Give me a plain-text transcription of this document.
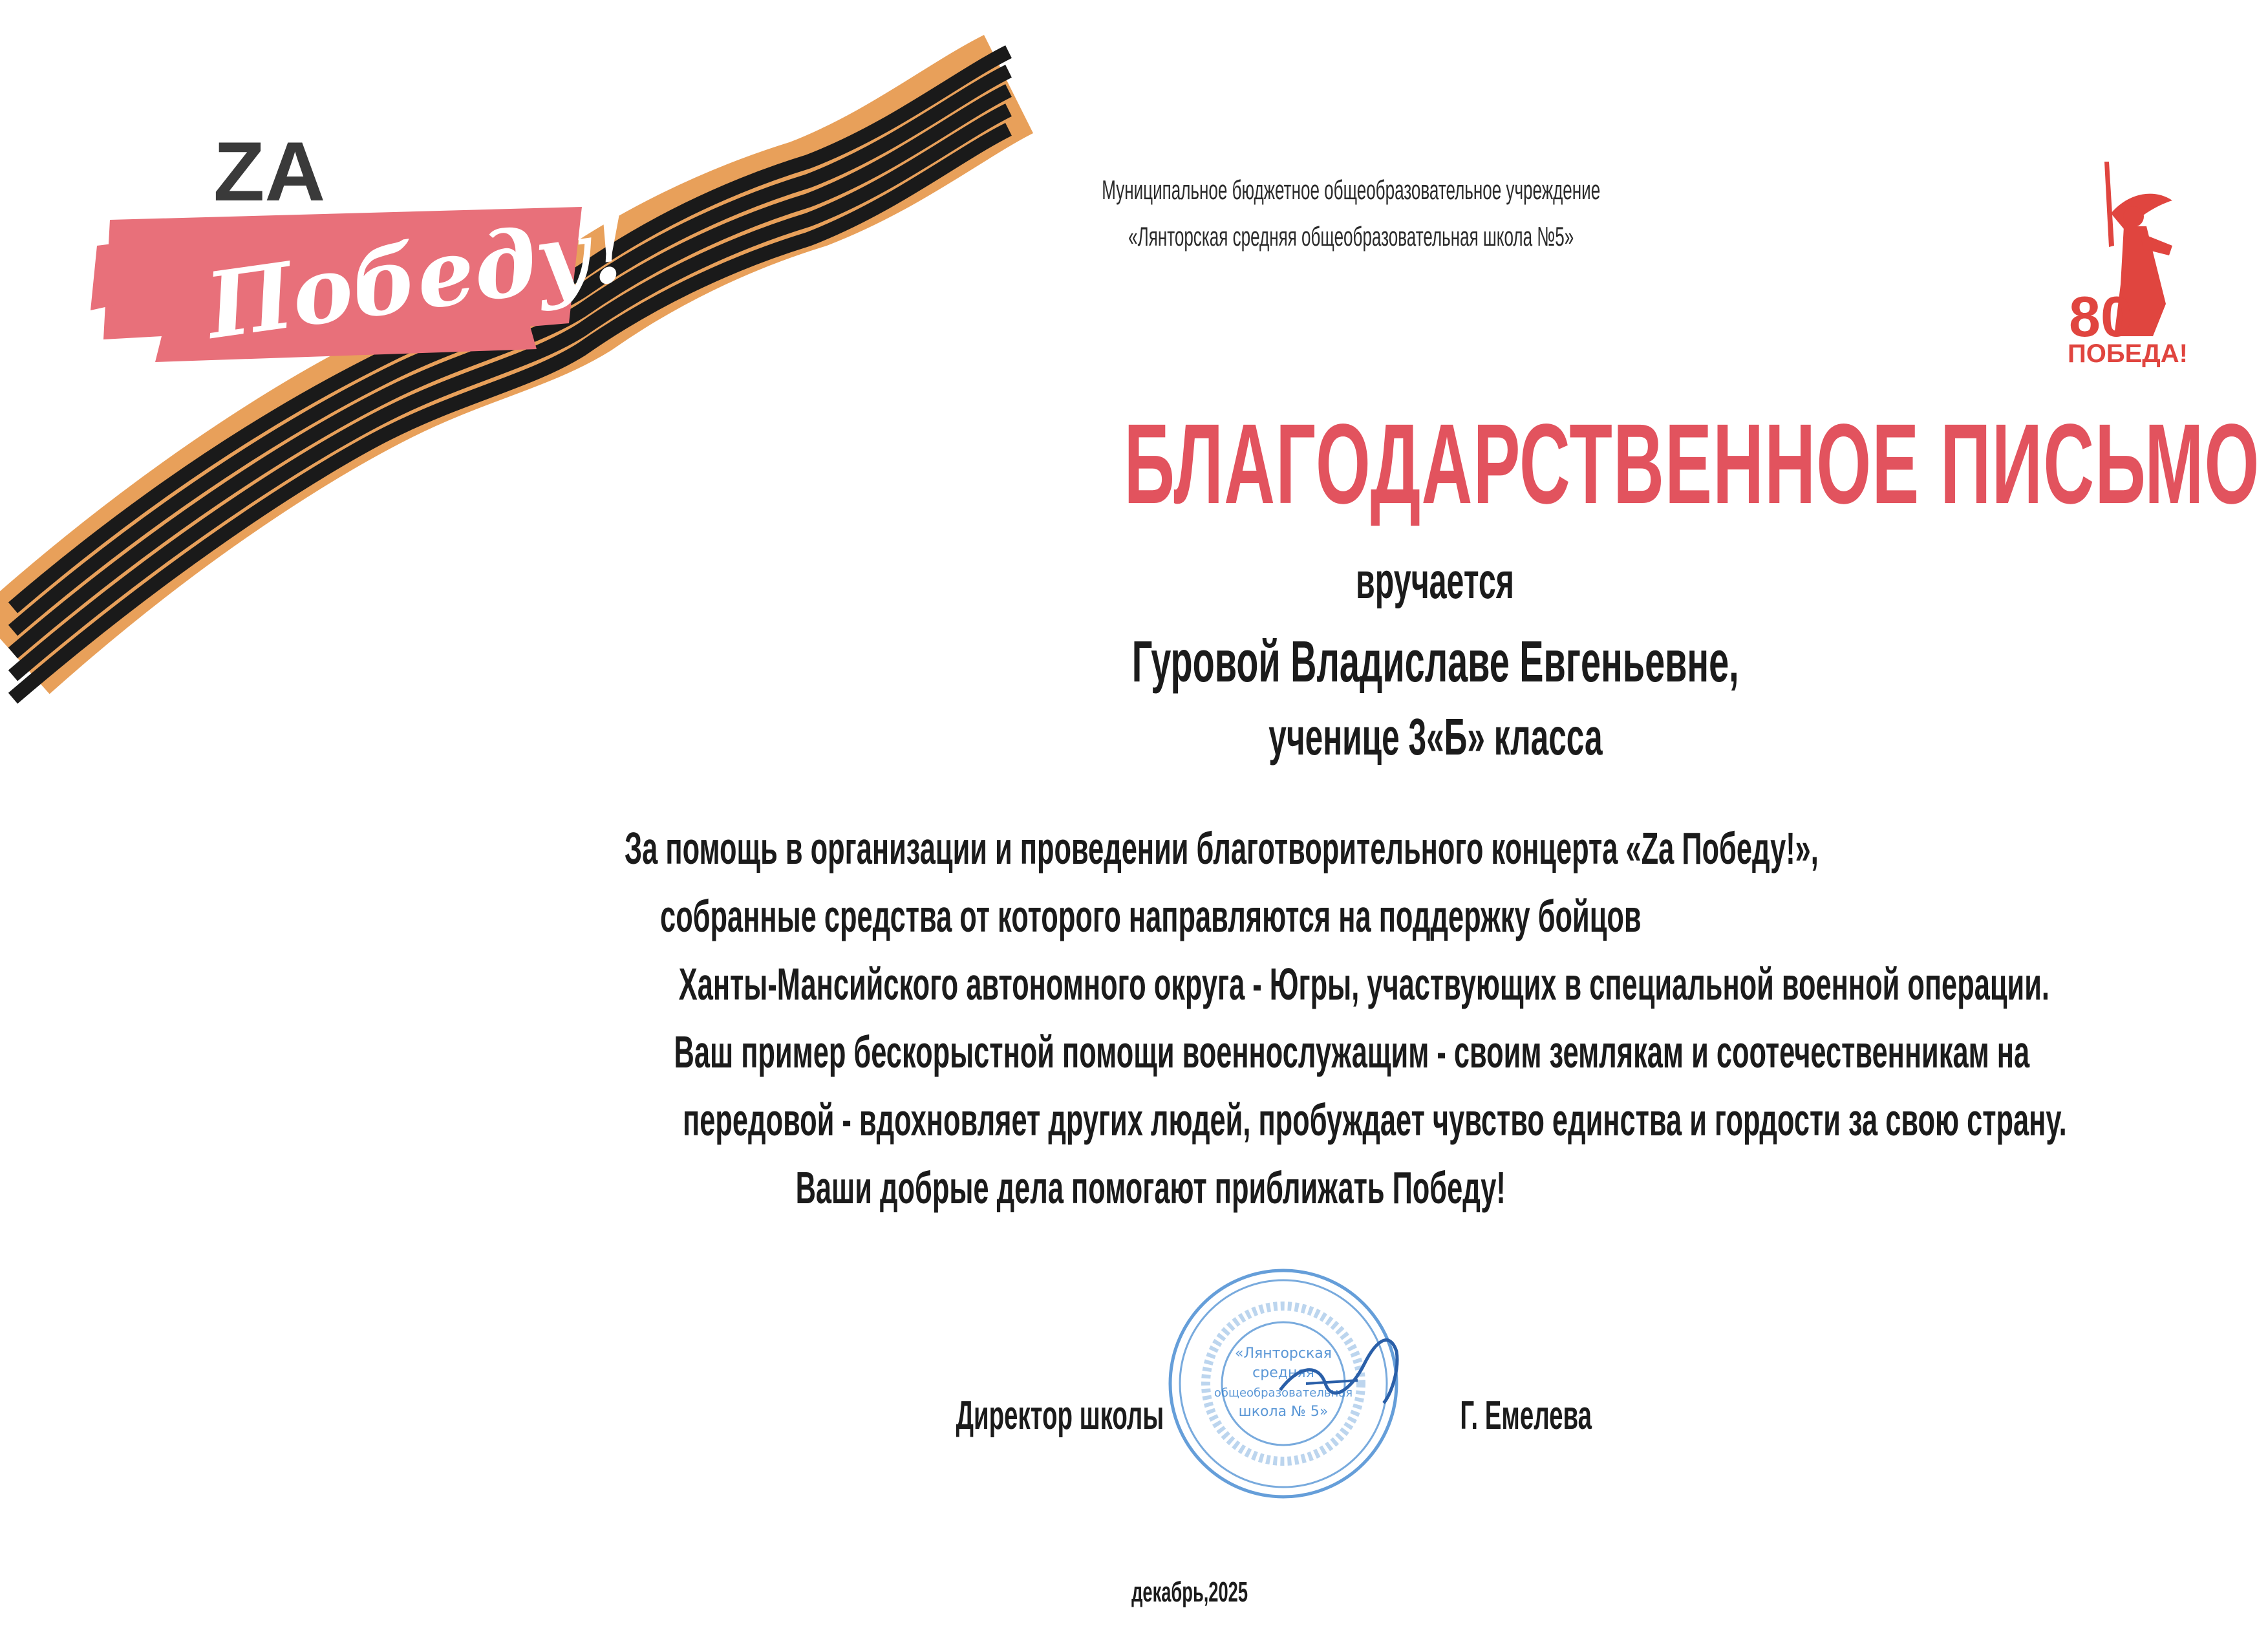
ZA
Победу!	80
ПОБЕДА!
«Лянторская
средняя
общеобразовательная
школа № 5»
Муниципальное бюджетное общеобразовательное учреждение
«Лянторская средняя общеобразовательная школа №5»
БЛАГОДАРСТВЕННОЕ ПИСЬМО
вручается
Гуровой Владиславе Евгеньевне,
ученице 3«Б» класса
За помощь в организации и проведении благотворительного концерта «Za Победу!»,
собранные средства от которого направляются на поддержку бойцов
Ханты-Мансийского автономного округа - Югры, участвующих в специальной военной операции.
Ваш пример бескорыстной помощи военнослужащим - своим землякам и соотечественникам на
передовой - вдохновляет других людей, пробуждает чувство единства и гордости за свою страну.
Ваши добрые дела помогают приближать Победу!
Директор школы	Г. Емелева
декабрь,2025
